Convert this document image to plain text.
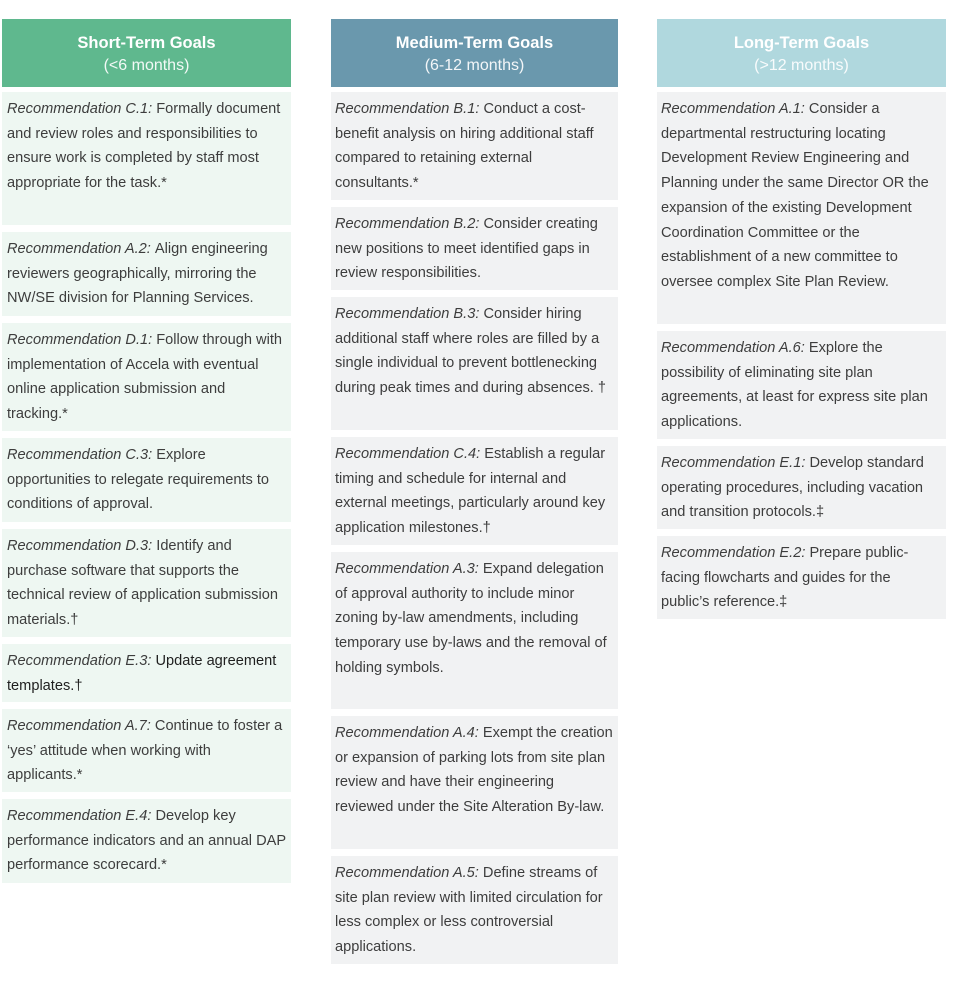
Short-Term Goals
(<6 months)
Recommendation C.1: Formally document and review roles and responsibilities to ensure work is completed by staff most appropriate for the task.*
Recommendation A.2: Align engineering reviewers geographically, mirroring the NW/SE division for Planning Services.
Recommendation D.1: Follow through with implementation of Accela with eventual online application submission and tracking.*
Recommendation C.3: Explore opportunities to relegate requirements to conditions of approval.
Recommendation D.3: Identify and purchase software that supports the technical review of application submission materials.†
Recommendation E.3: Update agreement templates.†
Recommendation A.7: Continue to foster a ‘yes’ attitude when working with applicants.*
Recommendation E.4: Develop key performance indicators and an annual DAP performance scorecard.*
Medium-Term Goals
(6-12 months)
Recommendation B.1: Conduct a cost-benefit analysis on hiring additional staff compared to retaining external consultants.*
Recommendation B.2: Consider creating new positions to meet identified gaps in review responsibilities.
Recommendation B.3: Consider hiring additional staff where roles are filled by a single individual to prevent bottlenecking during peak times and during absences. †
Recommendation C.4: Establish a regular timing and schedule for internal and external meetings, particularly around key application milestones.†
Recommendation A.3: Expand delegation of approval authority to include minor zoning by-law amendments, including temporary use by-laws and the removal of holding symbols.
Recommendation A.4: Exempt the creation or expansion of parking lots from site plan review and have their engineering reviewed under the Site Alteration By-law.
Recommendation A.5: Define streams of site plan review with limited circulation for less complex or less controversial applications.
Long-Term Goals
(>12 months)
Recommendation A.1: Consider a departmental restructuring locating Development Review Engineering and Planning under the same Director OR the expansion of the existing Development Coordination Committee or the establishment of a new committee to oversee complex Site Plan Review.
Recommendation A.6: Explore the possibility of eliminating site plan agreements, at least for express site plan applications.
Recommendation E.1: Develop standard operating procedures, including vacation and transition protocols.‡
Recommendation E.2: Prepare public-facing flowcharts and guides for the public’s reference.‡
